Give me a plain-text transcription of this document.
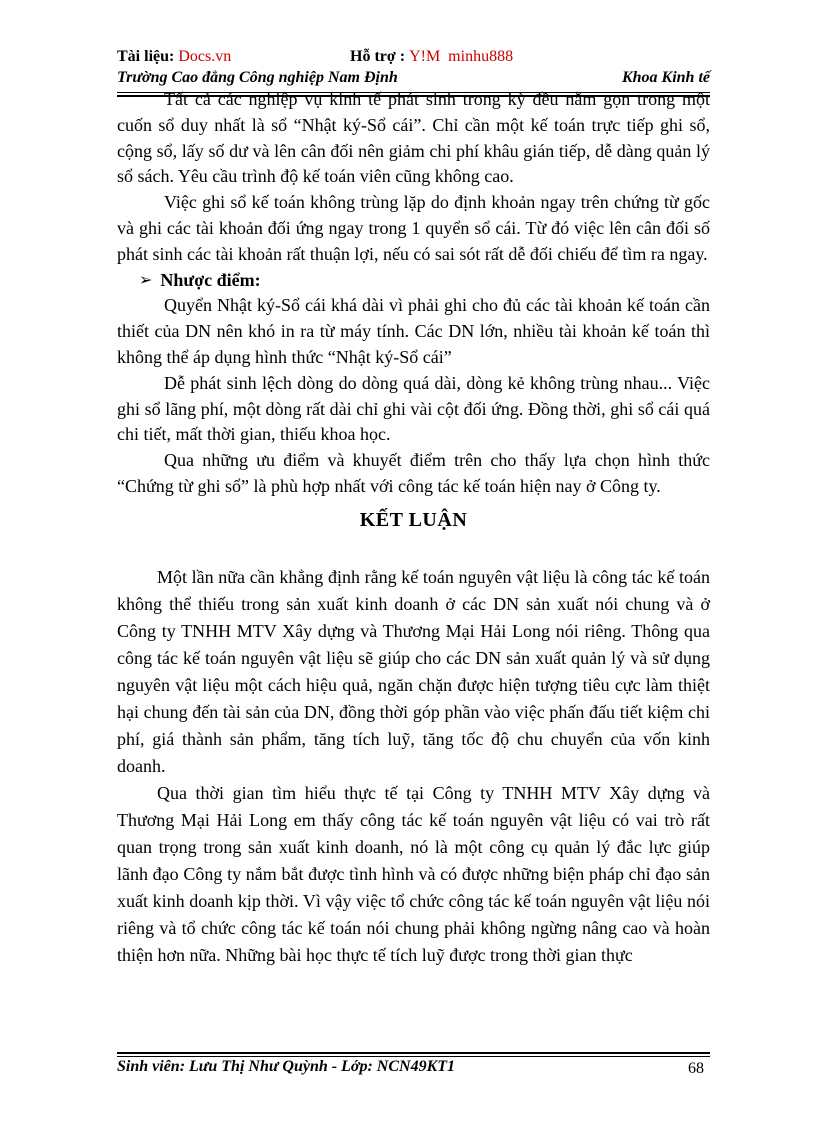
Tài liệu: Docs.vn	Hỗ trợ : Y!M minhu888
Trường Cao đẳng Công nghiệp Nam Định	Khoa Kinh tế

Tất cả các nghiệp vụ kinh tế phát sinh trong kỳ đều nằm gọn trong một cuốn sổ duy nhất là sổ “Nhật ký-Sổ cái”. Chỉ cần một kế toán trực tiếp ghi sổ, cộng sổ, lấy số dư và lên cân đối nên giảm chi phí khâu gián tiếp, dễ dàng quản lý sổ sách. Yêu cầu trình độ kế toán viên cũng không cao.

Việc ghi sổ kế toán không trùng lặp do định khoản ngay trên chứng từ gốc và ghi các tài khoản đối ứng ngay trong 1 quyển sổ cái. Từ đó việc lên cân đối số phát sinh các tài khoản rất thuận lợi, nếu có sai sót rất dễ đối chiếu để tìm ra ngay.

➢ Nhược điểm:

Quyển Nhật ký-Sổ cái khá dài vì phải ghi cho đủ các tài khoản kế toán cần thiết của DN nên khó in ra từ máy tính. Các DN lớn, nhiều tài khoản kế toán thì không thể áp dụng hình thức “Nhật ký-Sổ cái”

Dễ phát sinh lệch dòng do dòng quá dài, dòng kẻ không trùng nhau... Việc ghi sổ lãng phí, một dòng rất dài chỉ ghi vài cột đối ứng. Đồng thời, ghi sổ cái quá chi tiết, mất thời gian, thiếu khoa học.

Qua những ưu điểm và khuyết điểm trên cho thấy lựa chọn hình thức “Chứng từ ghi sổ” là phù hợp nhất với công tác kế toán hiện nay ở Công ty.

KẾT LUẬN

Một lần nữa cần khẳng định rằng kế toán nguyên vật liệu là công tác kế toán không thể thiếu trong sản xuất kinh doanh ở các DN sản xuất nói chung và ở Công ty TNHH MTV Xây dựng và Thương Mại Hải Long nói riêng. Thông qua công tác kế toán nguyên vật liệu sẽ giúp cho các DN sản xuất quản lý và sử dụng nguyên vật liệu một cách hiệu quả, ngăn chặn được hiện tượng tiêu cực làm thiệt hại chung đến tài sản của DN, đồng thời góp phần vào việc phấn đấu tiết kiệm chi phí, giá thành sản phẩm, tăng tích luỹ, tăng tốc độ chu chuyển của vốn kinh doanh.

Qua thời gian tìm hiểu thực tế tại Công ty TNHH MTV Xây dựng và Thương Mại Hải Long em thấy công tác kế toán nguyên vật liệu có vai trò rất quan trọng trong sản xuất kinh doanh, nó là một công cụ quản lý đắc lực giúp lãnh đạo Công ty nắm bắt được tình hình và có được những biện pháp chỉ đạo sản xuất kinh doanh kịp thời. Vì vậy việc tổ chức công tác kế toán nguyên vật liệu nói riêng và tổ chức công tác kế toán nói chung phải không ngừng nâng cao và hoàn thiện hơn nữa. Những bài học thực tế tích luỹ được trong thời gian thực

Sinh viên: Lưu Thị Như Quỳnh - Lớp: NCN49KT1	68
